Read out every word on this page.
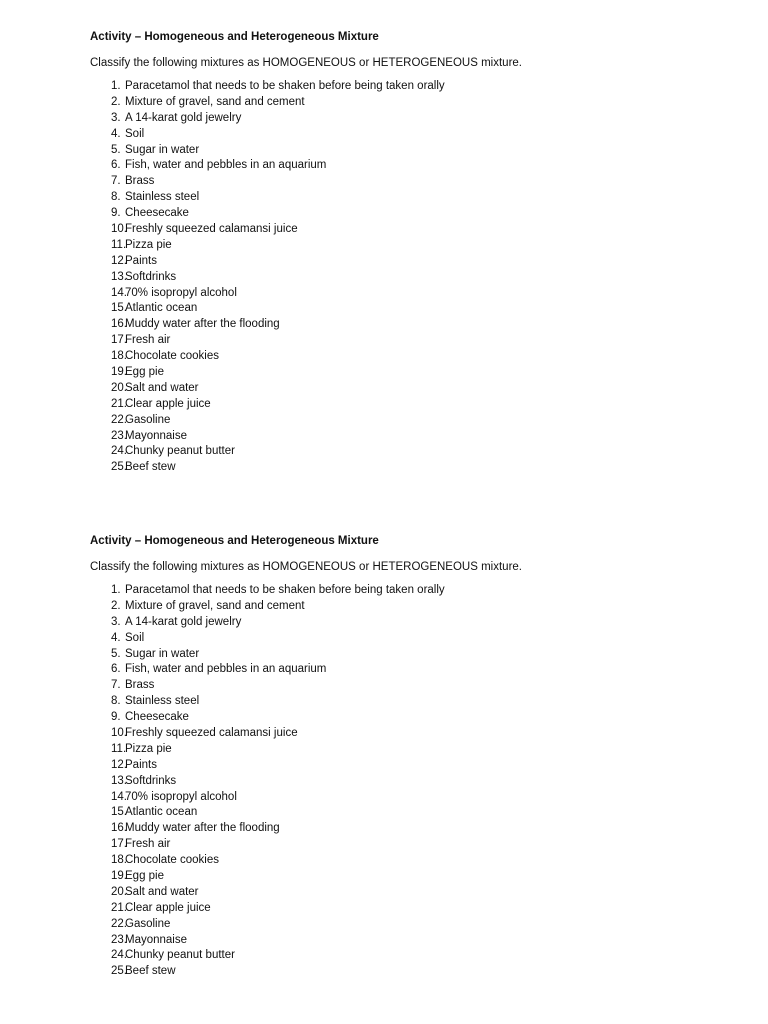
Activity – Homogeneous and Heterogeneous Mixture

Classify the following mixtures as HOMOGENEOUS or HETEROGENEOUS mixture.

1. Paracetamol that needs to be shaken before being taken orally
2. Mixture of gravel, sand and cement
3. A 14-karat gold jewelry
4. Soil
5. Sugar in water
6. Fish, water and pebbles in an aquarium
7. Brass
8. Stainless steel
9. Cheesecake
10.
Freshly squeezed calamansi juice
11.
Pizza pie
12.
Paints
13.
Softdrinks
14.
70% isopropyl alcohol
15.
Atlantic ocean
16.
Muddy water after the flooding
17.
Fresh air
18.
Chocolate cookies
19.
Egg pie
20.
Salt and water
21.
Clear apple juice
22.
Gasoline
23.
Mayonnaise
24.
Chunky peanut butter
25.
Beef stew

Activity – Homogeneous and Heterogeneous Mixture

Classify the following mixtures as HOMOGENEOUS or HETEROGENEOUS mixture.

1. Paracetamol that needs to be shaken before being taken orally
2. Mixture of gravel, sand and cement
3. A 14-karat gold jewelry
4. Soil
5. Sugar in water
6. Fish, water and pebbles in an aquarium
7. Brass
8. Stainless steel
9. Cheesecake
10.
Freshly squeezed calamansi juice
11.
Pizza pie
12.
Paints
13.
Softdrinks
14.
70% isopropyl alcohol
15.
Atlantic ocean
16.
Muddy water after the flooding
17.
Fresh air
18.
Chocolate cookies
19.
Egg pie
20.
Salt and water
21.
Clear apple juice
22.
Gasoline
23.
Mayonnaise
24.
Chunky peanut butter
25.
Beef stew
